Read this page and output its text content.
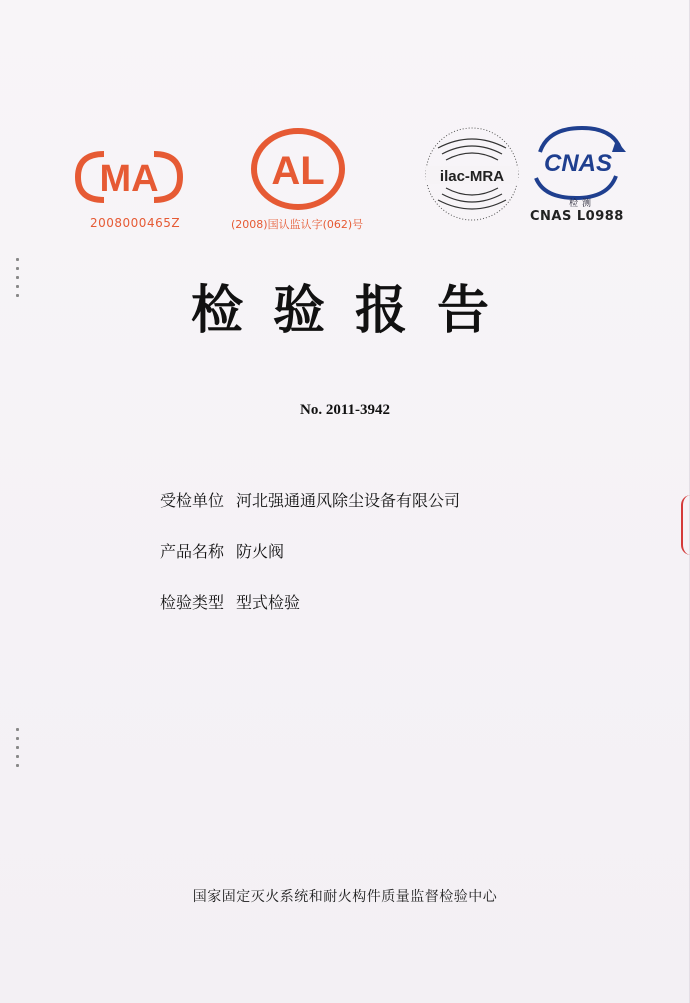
MA
2008000465Z
AL
(2008)国认监认字(062)号
ilac-MRA CNAS
检测
CNAS L0988
检验报告
No. 2011-3942
受检单位 河北强通通风除尘设备有限公司
产品名称 防火阀
检验类型 型式检验
国家固定灭火系统和耐火构件质量监督检验中心
